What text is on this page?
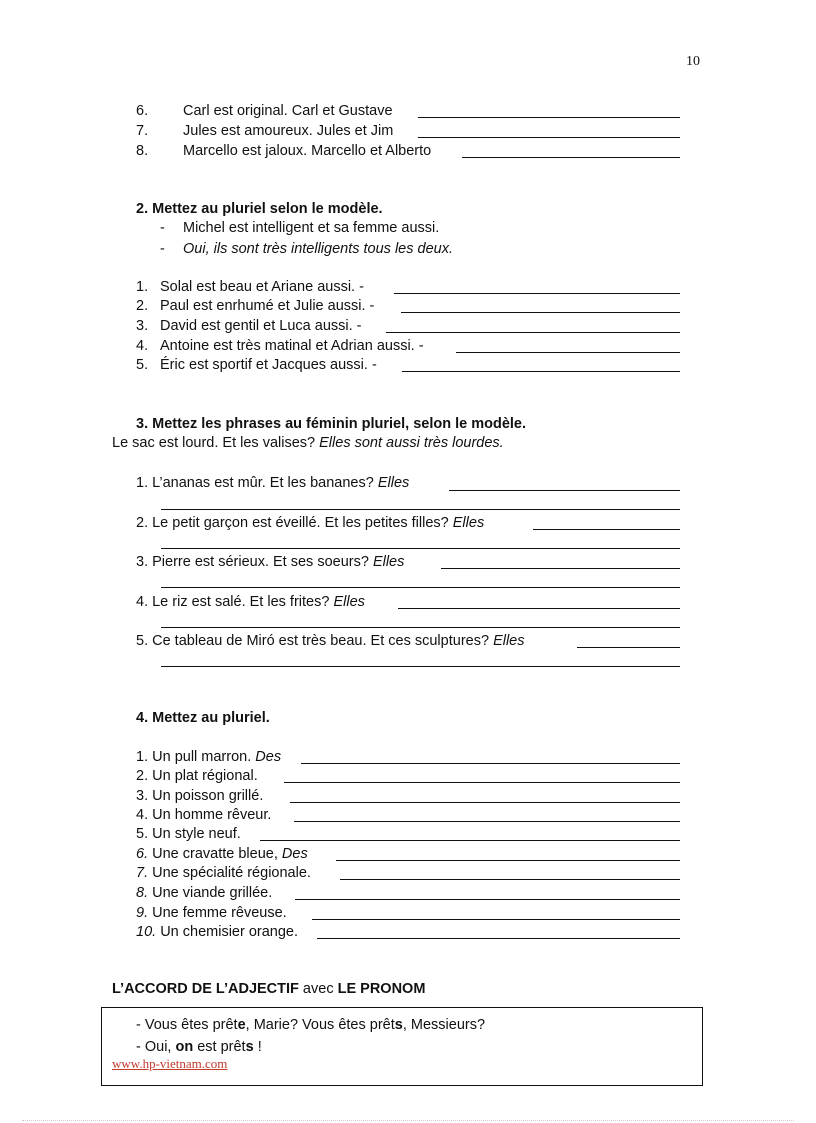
10
6. Carl est original. Carl et Gustave
7. Jules est amoureux. Jules et Jim
8. Marcello est jaloux. Marcello et Alberto
2. Mettez au pluriel selon le modèle.
- Michel est intelligent et sa femme aussi.
- Oui, ils sont très intelligents tous les deux.
1. Solal est beau et Ariane aussi. -
2. Paul est enrhumé et Julie aussi. -
3. David est gentil et Luca aussi. -
4. Antoine est très matinal et Adrian aussi. -
5. Éric est sportif et Jacques aussi. -
3. Mettez les phrases au féminin pluriel, selon le modèle.
Le sac est lourd. Et les valises? Elles sont aussi très lourdes.
1. L’ananas est mûr. Et les bananes? Elles
2. Le petit garçon est éveillé. Et les petites filles? Elles
3. Pierre est sérieux. Et ses soeurs? Elles
4. Le riz est salé. Et les frites? Elles
5. Ce tableau de Miró est très beau. Et ces sculptures? Elles
4. Mettez au pluriel.
1. Un pull marron. Des
2. Un plat régional.
3. Un poisson grillé.
4. Un homme rêveur.
5. Un style neuf.
6. Une cravatte bleue, Des
7. Une spécialité régionale.
8. Une viande grillée.
9. Une femme rêveuse.
10. Un chemisier orange.
L’ACCORD DE L’ADJECTIF avec LE PRONOM
- Vous êtes prête, Marie? Vous êtes prêts, Messieurs?
- Oui, on est prêts !
www.hp-vietnam.com
